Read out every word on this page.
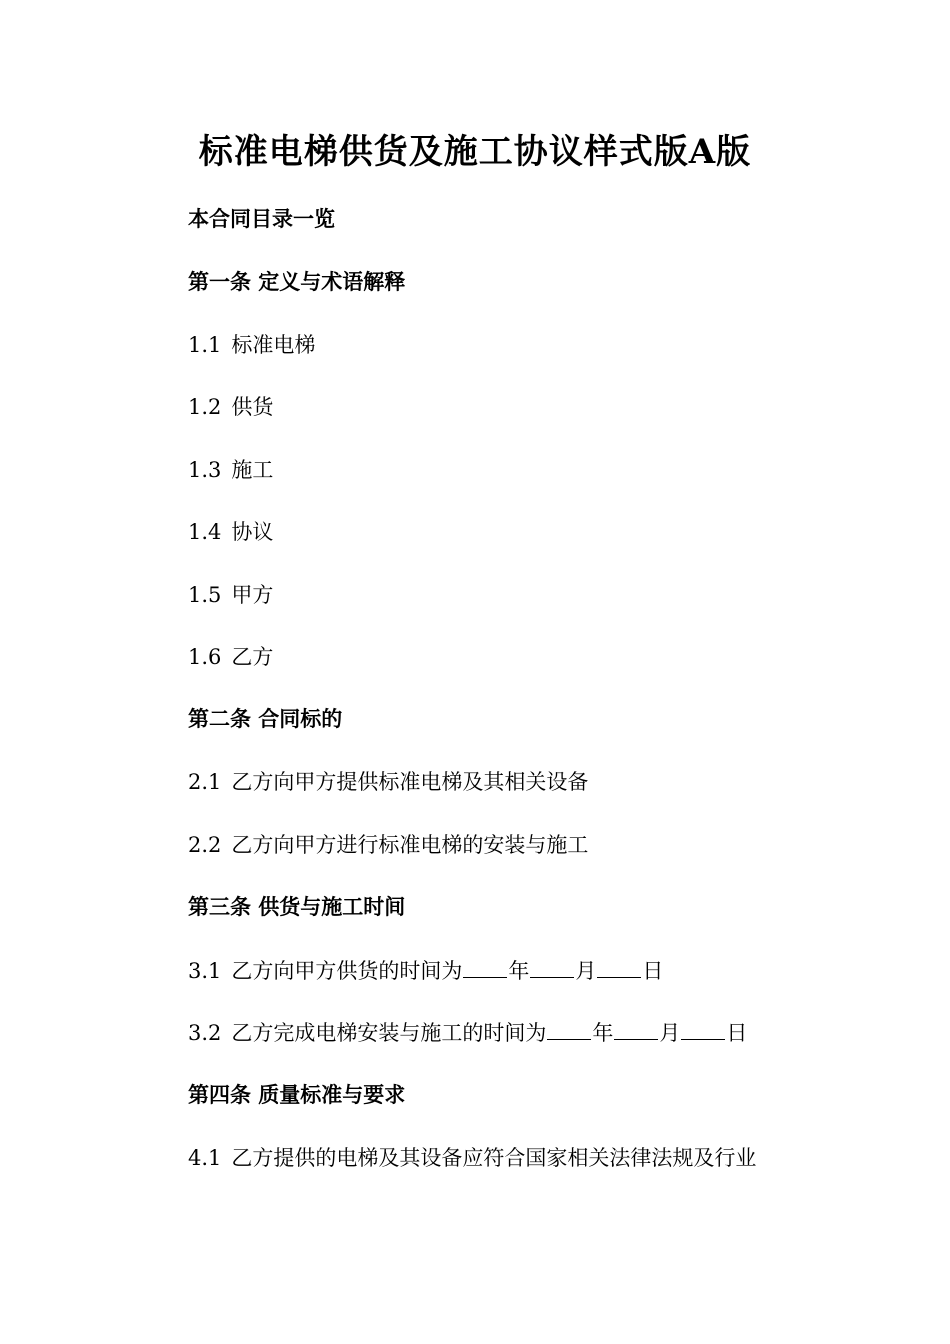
标准电梯供货及施工协议样式版A版
本合同目录一览
第一条 定义与术语解释
1.1 标准电梯
1.2 供货
1.3 施工
1.4 协议
1.5 甲方
1.6 乙方
第二条 合同标的
2.1 乙方向甲方提供标准电梯及其相关设备
2.2 乙方向甲方进行标准电梯的安装与施工
第三条 供货与施工时间
3.1 乙方向甲方供货的时间为 年 月 日
3.2 乙方完成电梯安装与施工的时间为 年 月 日
第四条 质量标准与要求
4.1 乙方提供的电梯及其设备应符合国家相关法律法规及行业
